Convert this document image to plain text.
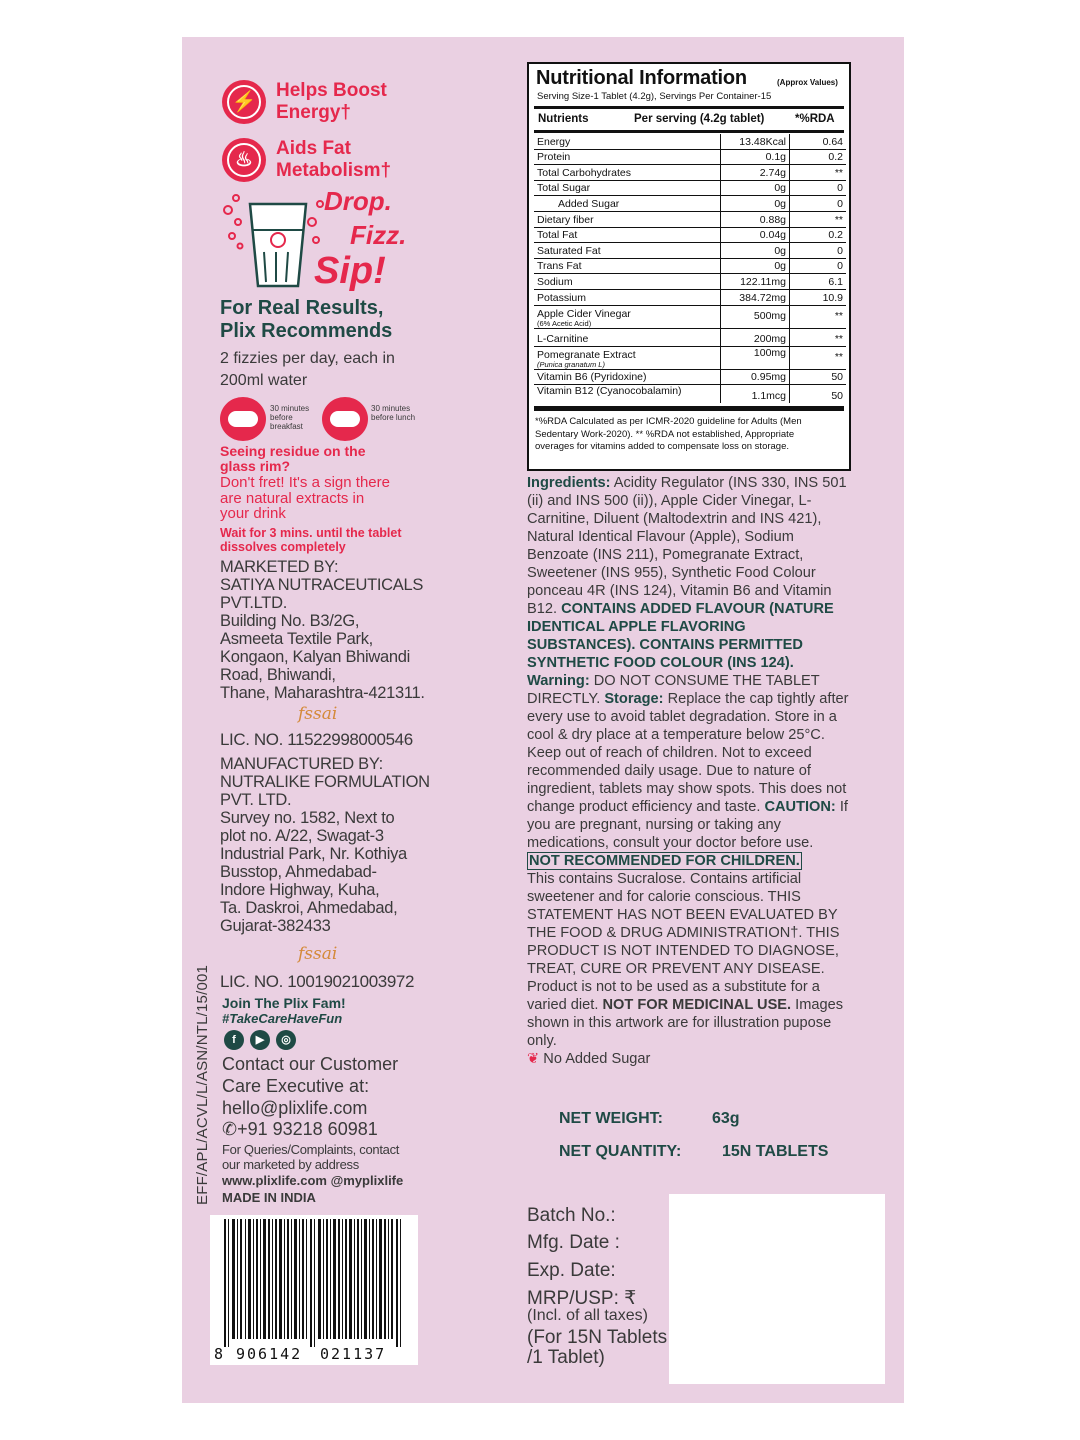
⚡
Helps Boost
Energy†
♨
Aids Fat
Metabolism†
Drop.
Fizz.
Sip!
For Real Results,
Plix Recommends
2 fizzies per day, each in
200ml water
30 minutes before breakfast
30 minutes before lunch
Seeing residue on the
glass rim?
Don't fret! It's a sign there
are natural extracts in
your drink
Wait for 3 mins. until the tablet
dissolves completely
MARKETED BY:
SATIYA NUTRACEUTICALS
PVT.LTD.
Building No. B3/2G,
Asmeeta Textile Park,
Kongaon, Kalyan Bhiwandi
Road, Bhiwandi,
Thane, Maharashtra-421311.
fssai
LIC. NO. 11522998000546
MANUFACTURED BY:
NUTRALIKE FORMULATION
PVT. LTD.
Survey no. 1582, Next to
plot no. A/22, Swagat-3
Industrial Park, Nr. Kothiya
Busstop, Ahmedabad-
Indore Highway, Kuha,
Ta. Daskroi, Ahmedabad,
Gujarat-382433
fssai
LIC. NO. 10019021003972
Join The Plix Fam!
#TakeCareHaveFun
f	▶	◎
Contact our Customer
Care Executive at:
hello@plixlife.com
✆+91 93218 60981
For Queries/Complaints, contact
our marketed by address
www.plixlife.com @myplixlife
MADE IN INDIA
EFF/APL/ACVL/L/ASN/NTL/15/001
8 906142 021137
Nutritional Information	(Approx Values)
Serving Size-1 Tablet (4.2g), Servings Per Container-15
Nutrients	Per serving (4.2g tablet)	*%RDA
Energy	13.48Kcal	0.64
Protein	0.1g	0.2
Total Carbohydrates	2.74g	**
Total Sugar	0g	0
Added Sugar	0g	0
Dietary fiber	0.88g	**
Total Fat	0.04g	0.2
Saturated Fat	0g	0
Trans Fat	0g	0
Sodium	122.11mg	6.1
Potassium	384.72mg	10.9

Apple Cider Vinegar
(6% Acetic Acid)	500mg	**
L-Carnitine	200mg	**

Pomegranate Extract
(Punica granatum L)	100mg	**
Vitamin B6 (Pyridoxine)	0.95mg	50
Vitamin B12 (Cyanocobalamin)	1.1mcg	50
*%RDA Calculated as per ICMR-2020 guideline for Adults (Men Sedentary Work-2020). ** %RDA not established, Appropriate overages for vitamins added to compensate loss on storage.
Ingredients: Acidity Regulator (INS 330, INS 501 (ii) and INS 500 (ii)), Apple Cider Vinegar, L-Carnitine, Diluent (Maltodextrin and INS 421), Natural Identical Flavour (Apple), Sodium Benzoate (INS 211), Pomegranate Extract, Sweetener (INS 955), Synthetic Food Colour ponceau 4R (INS 124), Vitamin B6 and Vitamin B12. CONTAINS ADDED FLAVOUR (NATURE IDENTICAL APPLE FLAVORING SUBSTANCES). CONTAINS PERMITTED SYNTHETIC FOOD COLOUR (INS 124). Warning: DO NOT CONSUME THE TABLET DIRECTLY. Storage: Replace the cap tightly after every use to avoid tablet degradation. Store in a cool & dry place at a temperature below 25°C. Keep out of reach of children. Not to exceed recommended daily usage. Due to nature of ingredient, tablets may show spots. This does not change product efficiency and taste. CAUTION: If you are pregnant, nursing or taking any medications, consult your doctor before use.
NOT RECOMMENDED FOR CHILDREN.
This contains Sucralose. Contains artificial sweetener and for calorie conscious. THIS STATEMENT HAS NOT BEEN EVALUATED BY THE FOOD & DRUG ADMINISTRATION†. THIS PRODUCT IS NOT INTENDED TO DIAGNOSE, TREAT, CURE OR PREVENT ANY DISEASE. Product is not to be used as a substitute for a varied diet. NOT FOR MEDICINAL USE. Images shown in this artwork are for illustration pupose only.
❦ No Added Sugar
NET WEIGHT:	63g
NET QUANTITY:	15N TABLETS
Batch No.:
Mfg. Date :
Exp. Date:
MRP/USP: ₹
(Incl. of all taxes)
(For 15N Tablets
/1 Tablet)
